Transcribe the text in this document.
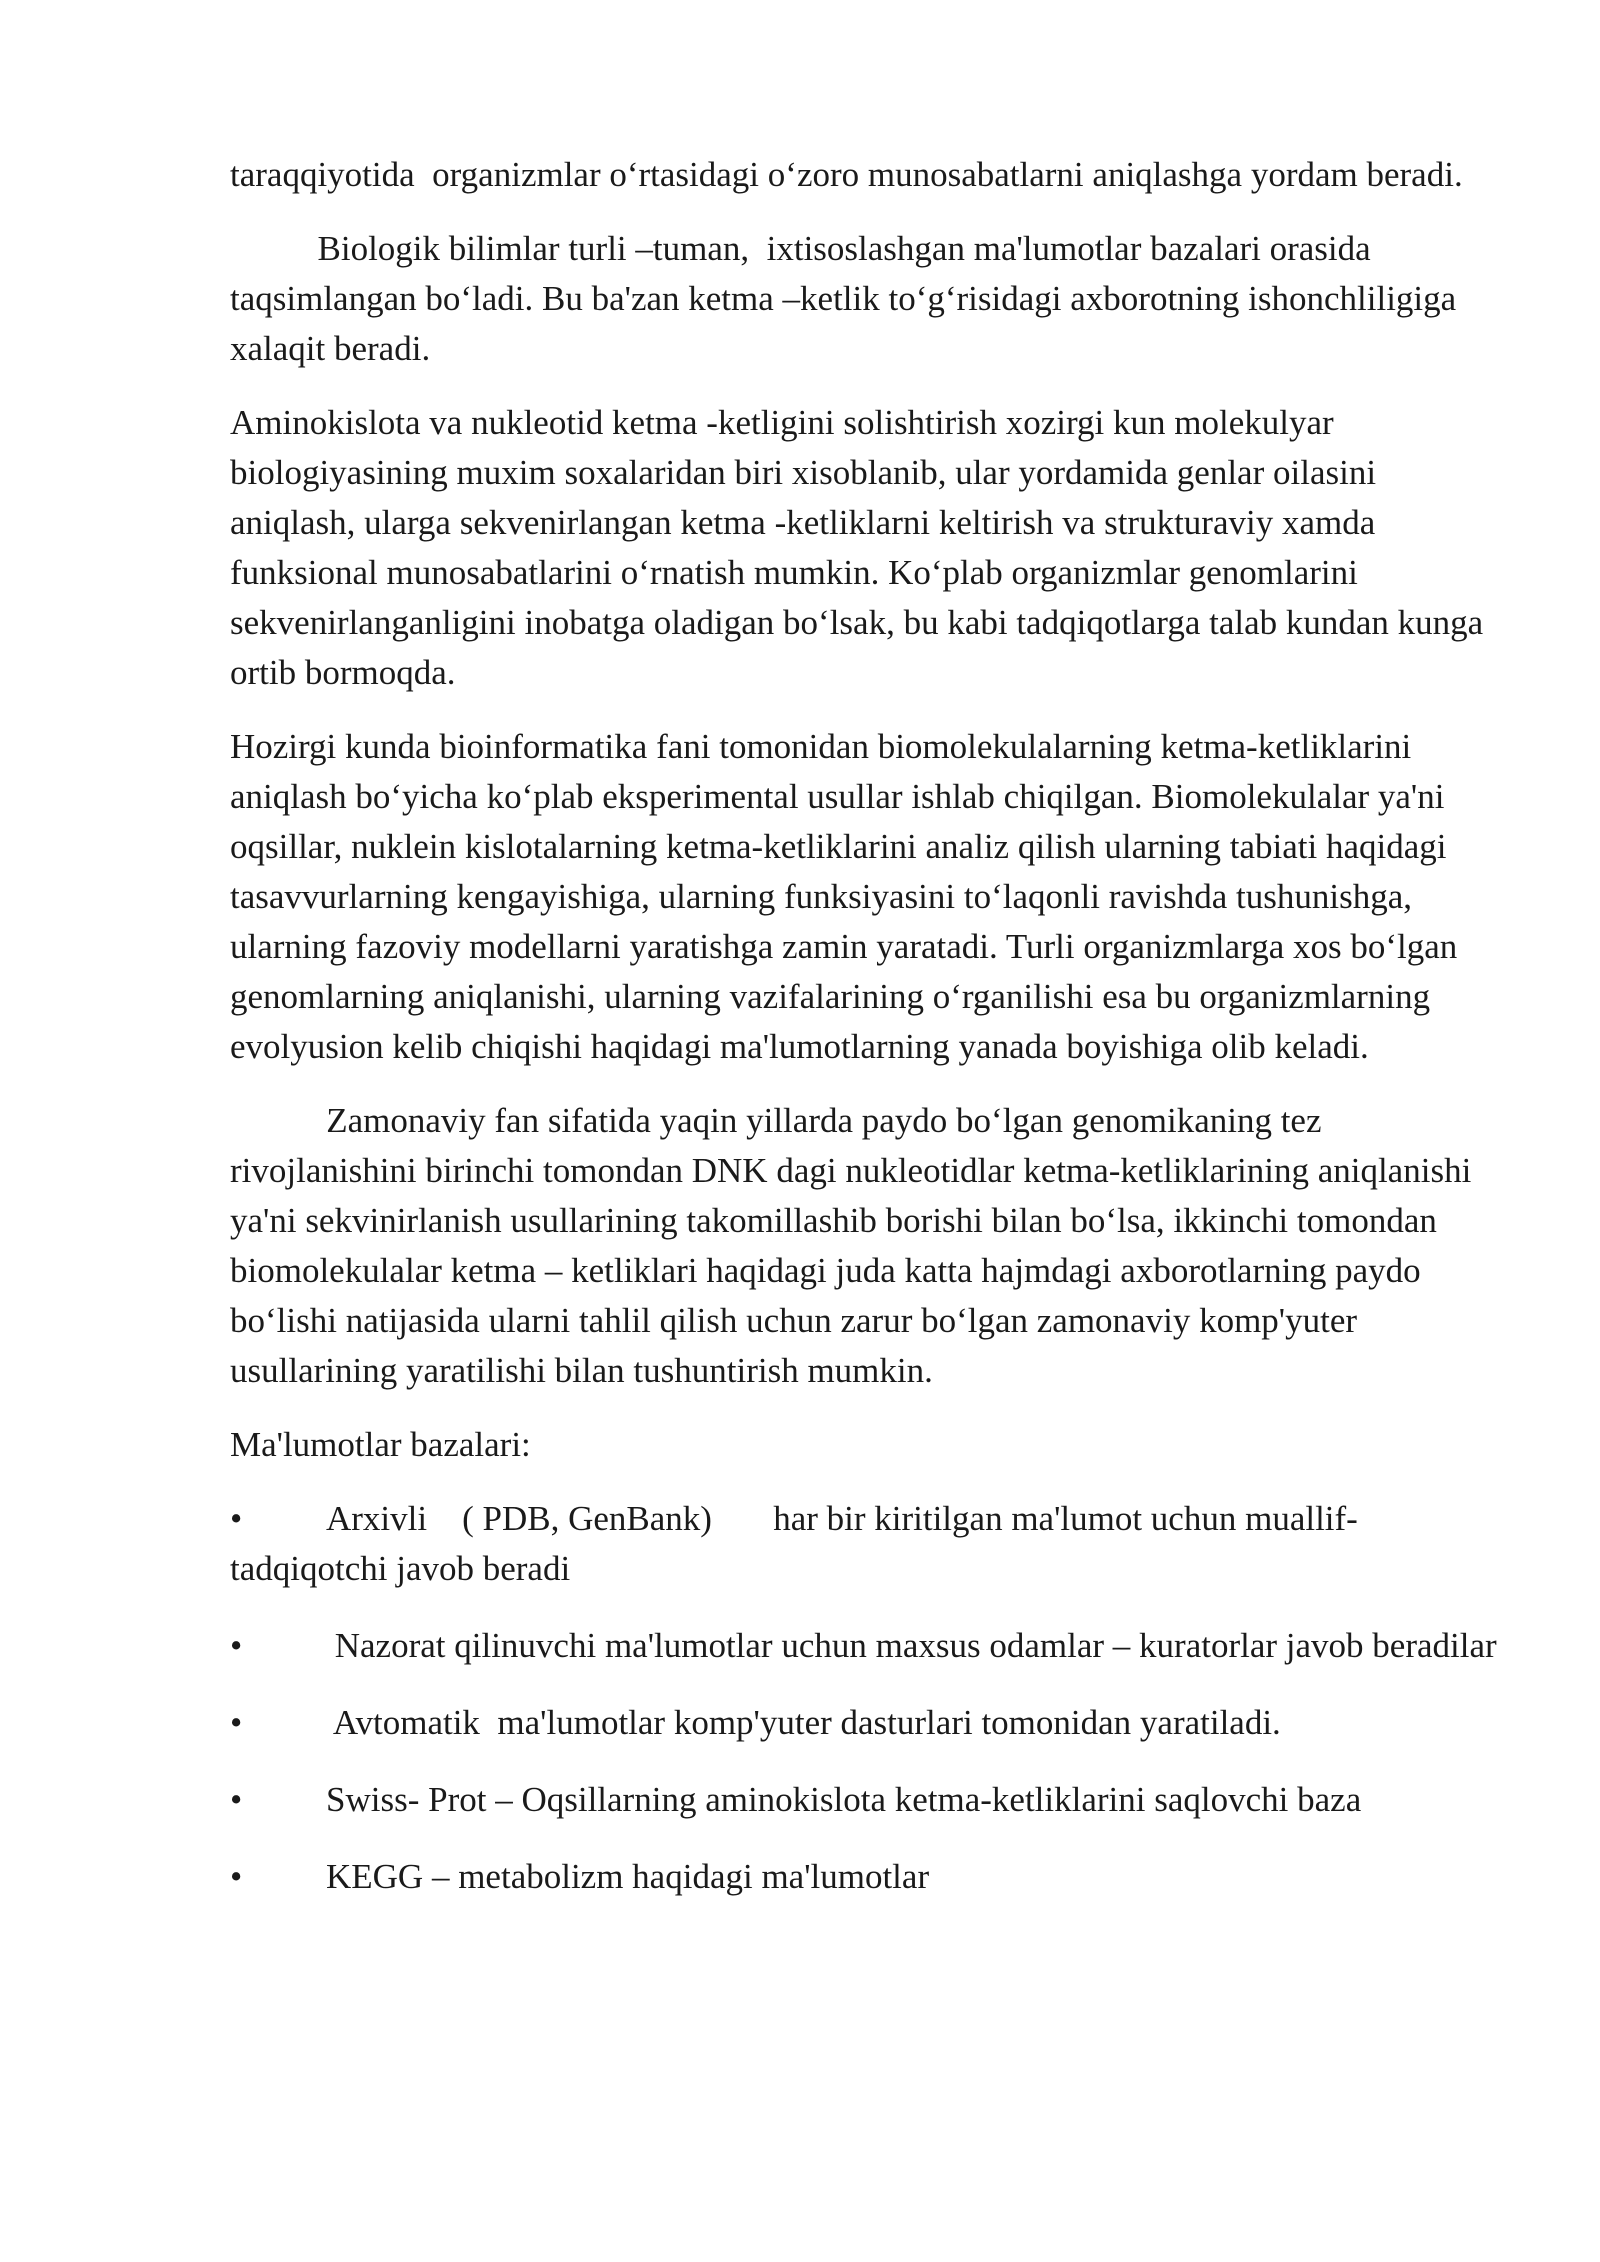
taraqqiyotida  organizmlar o‘rtasidagi o‘zoro munosabatlarni aniqlashga yordam beradi.

Biologik bilimlar turli –tuman,  ixtisoslashgan ma'lumotlar bazalari orasida taqsimlangan bo‘ladi. Bu ba'zan ketma –ketlik to‘g‘risidagi axborotning ishonchliligiga xalaqit beradi.

Aminokislota va nukleotid ketma -ketligini solishtirish xozirgi kun molekulyar biologiyasining muxim soxalaridan biri xisoblanib, ular yordamida genlar oilasini aniqlash, ularga sekvenirlangan ketma -ketliklarni keltirish va strukturaviy xamda funksional munosabatlarini o‘rnatish mumkin. Ko‘plab organizmlar genomlarini sekvenirlanganligini inobatga oladigan bo‘lsak, bu kabi tadqiqotlarga talab kundan kunga ortib bormoqda.

Hozirgi kunda bioinformatika fani tomonidan biomolekulalarning ketma-ketliklarini aniqlash bo‘yicha ko‘plab eksperimental usullar ishlab chiqilgan. Biomolekulalar ya'ni oqsillar, nuklein kislotalarning ketma-ketliklarini analiz qilish ularning tabiati haqidagi tasavvurlarning kengayishiga, ularning funksiyasini to‘laqonli ravishda tushunishga, ularning fazoviy modellarni yaratishga zamin yaratadi. Turli organizmlarga xos bo‘lgan genomlarning aniqlanishi, ularning vazifalarining o‘rganilishi esa bu organizmlarning evolyusion kelib chiqishi haqidagi ma'lumotlarning yanada boyishiga olib keladi.

Zamonaviy fan sifatida yaqin yillarda paydo bo‘lgan genomikaning tez rivojlanishini birinchi tomondan DNK dagi nukleotidlar ketma-ketliklarining aniqlanishi ya'ni sekvinirlanish usullarining takomillashib borishi bilan bo‘lsa, ikkinchi tomondan biomolekulalar ketma – ketliklari haqidagi juda katta hajmdagi axborotlarning paydo bo‘lishi natijasida ularni tahlil qilish uchun zarur bo‘lgan zamonaviy komp'yuter usullarining yaratilishi bilan tushuntirish mumkin.

Ma'lumotlar bazalari:

• Arxivli    ( PDB, GenBank)       har bir kiritilgan ma'lumot uchun muallif-tadqiqotchi javob beradi
• Nazorat qilinuvchi ma'lumotlar uchun maxsus odamlar – kuratorlar javob beradilar
• Avtomatik  ma'lumotlar komp'yuter dasturlari tomonidan yaratiladi.
• Swiss- Prot – Oqsillarning aminokislota ketma-ketliklarini saqlovchi baza
• KEGG – metabolizm haqidagi ma'lumotlar
